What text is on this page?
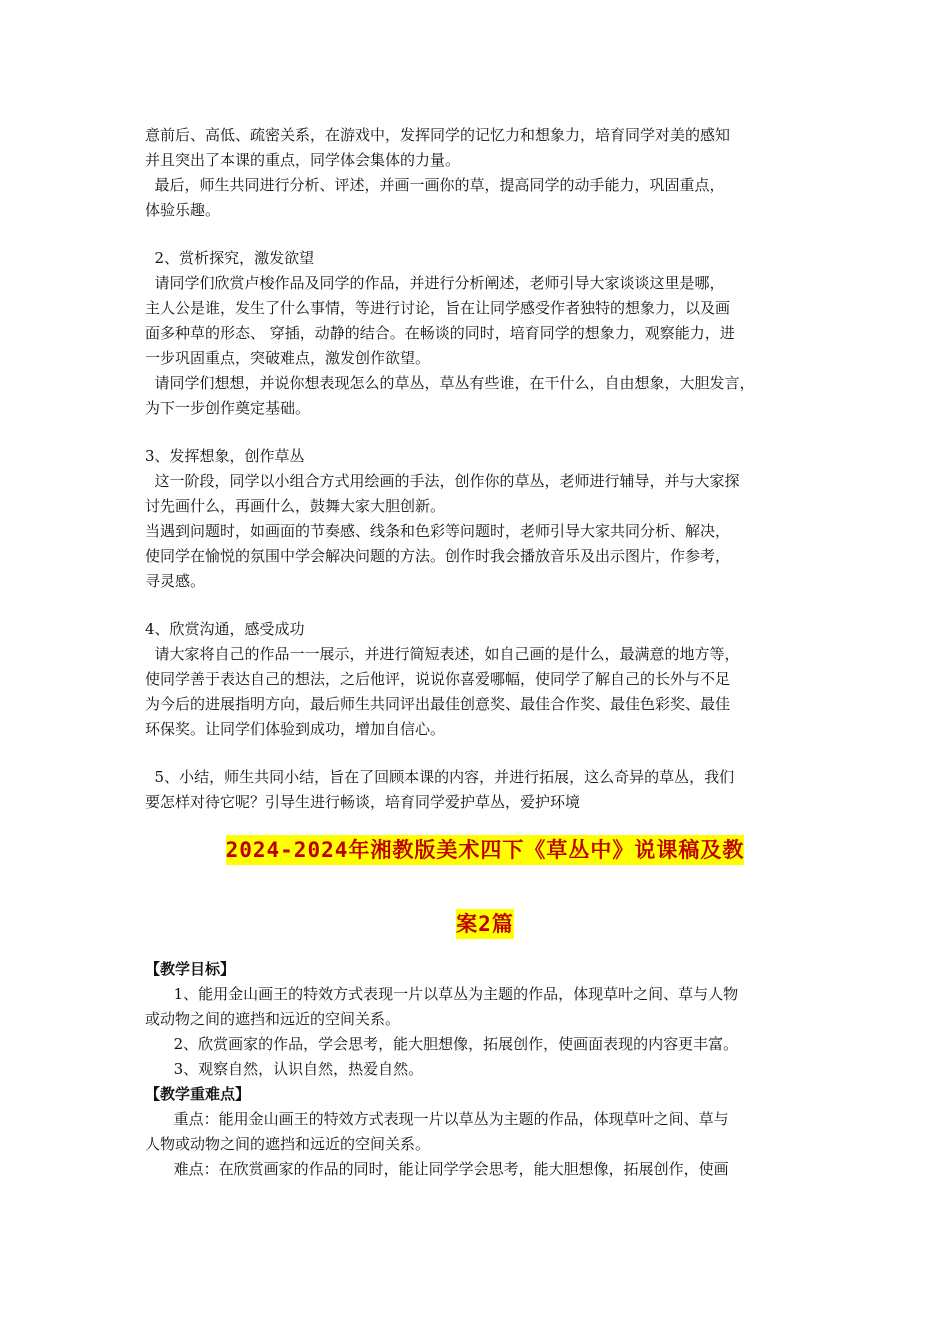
意前后、高低、疏密关系，在游戏中，发挥同学的记忆力和想象力，培育同学对美的感知
并且突出了本课的重点，同学体会集体的力量。
最后，师生共同进行分析、评述，并画一画你的草，提高同学的动手能力，巩固重点，
体验乐趣。
2、赏析探究，激发欲望
请同学们欣赏卢梭作品及同学的作品，并进行分析阐述，老师引导大家谈谈这里是哪，
主人公是谁，发生了什么事情，等进行讨论，旨在让同学感受作者独特的想象力，以及画
面多种草的形态、 穿插，动静的结合。在畅谈的同时，培育同学的想象力，观察能力，进
一步巩固重点，突破难点，激发创作欲望。
请同学们想想，并说你想表现怎么的草丛，草丛有些谁，在干什么，自由想象，大胆发言，
为下一步创作奠定基础。
3、发挥想象，创作草丛
这一阶段，同学以小组合方式用绘画的手法，创作你的草丛，老师进行辅导，并与大家探
讨先画什么，再画什么，鼓舞大家大胆创新。
当遇到问题时，如画面的节奏感、线条和色彩等问题时，老师引导大家共同分析、解决，
使同学在愉悦的氛围中学会解决问题的方法。创作时我会播放音乐及出示图片，作参考，
寻灵感。
4、欣赏沟通，感受成功
请大家将自己的作品一一展示，并进行简短表述，如自己画的是什么，最满意的地方等，
使同学善于表达自己的想法，之后他评，说说你喜爱哪幅，使同学了解自己的长外与不足
为今后的进展指明方向，最后师生共同评出最佳创意奖、最佳合作奖、最佳色彩奖、最佳
环保奖。让同学们体验到成功，增加自信心。
5、小结，师生共同小结，旨在了回顾本课的内容，并进行拓展，这么奇异的草丛，我们
要怎样对待它呢？引导生进行畅谈，培育同学爱护草丛，爱护环境
2024-2024年湘教版美术四下《草丛中》说课稿及教
案2篇
【教学目标】
1、能用金山画王的特效方式表现一片以草丛为主题的作品，体现草叶之间、草与人物
或动物之间的遮挡和远近的空间关系。
2、欣赏画家的作品，学会思考，能大胆想像，拓展创作，使画面表现的内容更丰富。
3、观察自然，认识自然，热爱自然。
【教学重难点】
重点：能用金山画王的特效方式表现一片以草丛为主题的作品，体现草叶之间、草与
人物或动物之间的遮挡和远近的空间关系。
难点：在欣赏画家的作品的同时，能让同学学会思考，能大胆想像，拓展创作，使画
